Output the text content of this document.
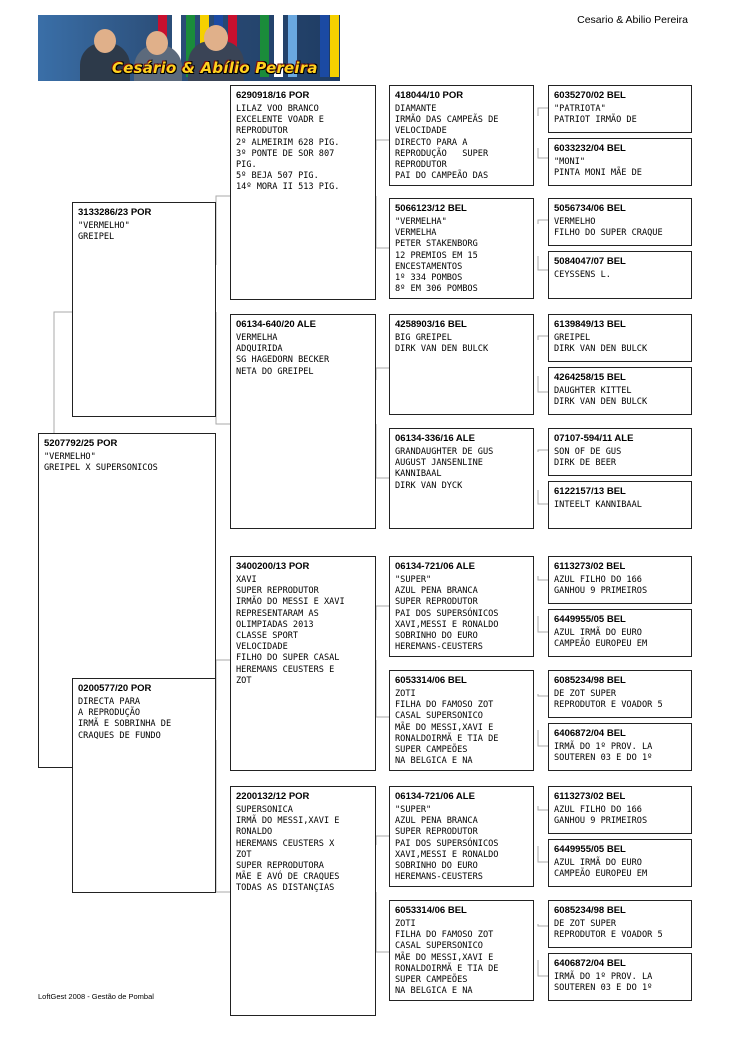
Cesário & Abílio Pereira
Cesario & Abilio Pereira
5207792/25 POR
"VERMELHO"
GREIPEL X SUPERSONICOS
3133286/23 POR
"VERMELHO"
GREIPEL
0200577/20 POR
DIRECTA PARA
A REPRODUÇÃO
IRMÃ E SOBRINHA DE
CRAQUES DE FUNDO
6290918/16 POR
LILAZ VOO BRANCO
EXCELENTE VOADR E
REPRODUTOR
2º ALMEIRIM 628 PIG.
3º PONTE DE SOR 807
PIG.
5º BEJA 507 PIG.
14º MORA II 513 PIG.
06134-640/20 ALE
VERMELHA
ADQUIRIDA
SG HAGEDORN BECKER
NETA DO GREIPEL
3400200/13 POR
XAVI
SUPER REPRODUTOR
IRMÃO DO MESSI E XAVI
REPRESENTARAM AS
OLIMPIADAS 2013
CLASSE SPORT
VELOCIDADE
FILHO DO SUPER CASAL
HEREMANS CEUSTERS E
ZOT
2200132/12 POR
SUPERSONICA
IRMÃ DO MESSI,XAVI E
RONALDO
HEREMANS CEUSTERS X
ZOT
SUPER REPRODUTORA
MÃE E AVÓ DE CRAQUES
TODAS AS DISTANÇIAS
418044/10 POR
DIAMANTE
IRMÃO DAS CAMPEÃS DE
VELOCIDADE
DIRECTO PARA A
REPRODUÇÃO   SUPER
REPRODUTOR
PAI DO CAMPEÃO DAS
5066123/12 BEL
"VERMELHA"
VERMELHA
PETER STAKENBORG
12 PREMIOS EM 15
ENCESTAMENTOS
1º 334 POMBOS
8º EM 306 POMBOS
4258903/16 BEL
BIG GREIPEL
DIRK VAN DEN BULCK
06134-336/16 ALE
GRANDAUGHTER DE GUS
AUGUST JANSENLINE
KANNIBAAL
DIRK VAN DYCK
06134-721/06 ALE
"SUPER"
AZUL PENA BRANCA
SUPER REPRODUTOR
PAI DOS SUPERSÓNICOS
XAVI,MESSI E RONALDO
SOBRINHO DO EURO
HEREMANS-CEUSTERS
6053314/06 BEL
ZOTI
FILHA DO FAMOSO ZOT
CASAL SUPERSONICO
MÃE DO MESSI,XAVI E
RONALDOIRMÃ E TIA DE
SUPER CAMPEÕES
NA BELGICA E NA
06134-721/06 ALE
"SUPER"
AZUL PENA BRANCA
SUPER REPRODUTOR
PAI DOS SUPERSÓNICOS
XAVI,MESSI E RONALDO
SOBRINHO DO EURO
HEREMANS-CEUSTERS
6053314/06 BEL
ZOTI
FILHA DO FAMOSO ZOT
CASAL SUPERSONICO
MÃE DO MESSI,XAVI E
RONALDOIRMÃ E TIA DE
SUPER CAMPEÕES
NA BELGICA E NA
6035270/02 BEL
"PATRIOTA"
PATRIOT IRMÃO DE
6033232/04 BEL
"MONI"
PINTA MONI MÃE DE
5056734/06 BEL
VERMELHO
FILHO DO SUPER CRAQUE
5084047/07 BEL
CEYSSENS L.
6139849/13 BEL
GREIPEL
DIRK VAN DEN BULCK
4264258/15 BEL
DAUGHTER KITTEL
DIRK VAN DEN BULCK
07107-594/11 ALE
SON OF DE GUS
DIRK DE BEER
6122157/13 BEL
INTEELT KANNIBAAL
6113273/02 BEL
AZUL FILHO DO 166
GANHOU 9 PRIMEIROS
6449955/05 BEL
AZUL IRMÃ DO EURO
CAMPEÃO EUROPEU EM
6085234/98 BEL
DE ZOT SUPER
REPRODUTOR E VOADOR 5
6406872/04 BEL
IRMÃ DO 1º PROV. LA
SOUTEREN 03 E DO 1º
6113273/02 BEL
AZUL FILHO DO 166
GANHOU 9 PRIMEIROS
6449955/05 BEL
AZUL IRMÃ DO EURO
CAMPEÃO EUROPEU EM
6085234/98 BEL
DE ZOT SUPER
REPRODUTOR E VOADOR 5
6406872/04 BEL
IRMÃ DO 1º PROV. LA
SOUTEREN 03 E DO 1º
LoftGest 2008 - Gestão de Pombal
